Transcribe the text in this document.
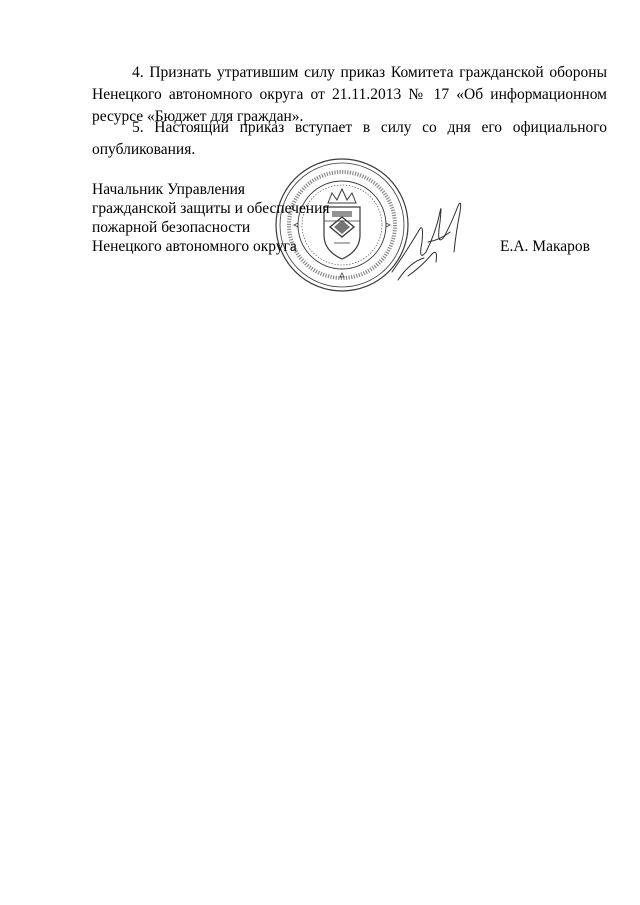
4. Признать утратившим силу приказ Комитета гражданской обороны Ненецкого автономного округа от 21.11.2013 № 17 «Об информационном ресурсе «Бюджет для граждан».

5. Настоящий приказ вступает в силу со дня его официального опубликования.

Начальник Управления
гражданской защиты и обеспечения
пожарной безопасности
Ненецкого автономного округа	Е.А. Макаров
